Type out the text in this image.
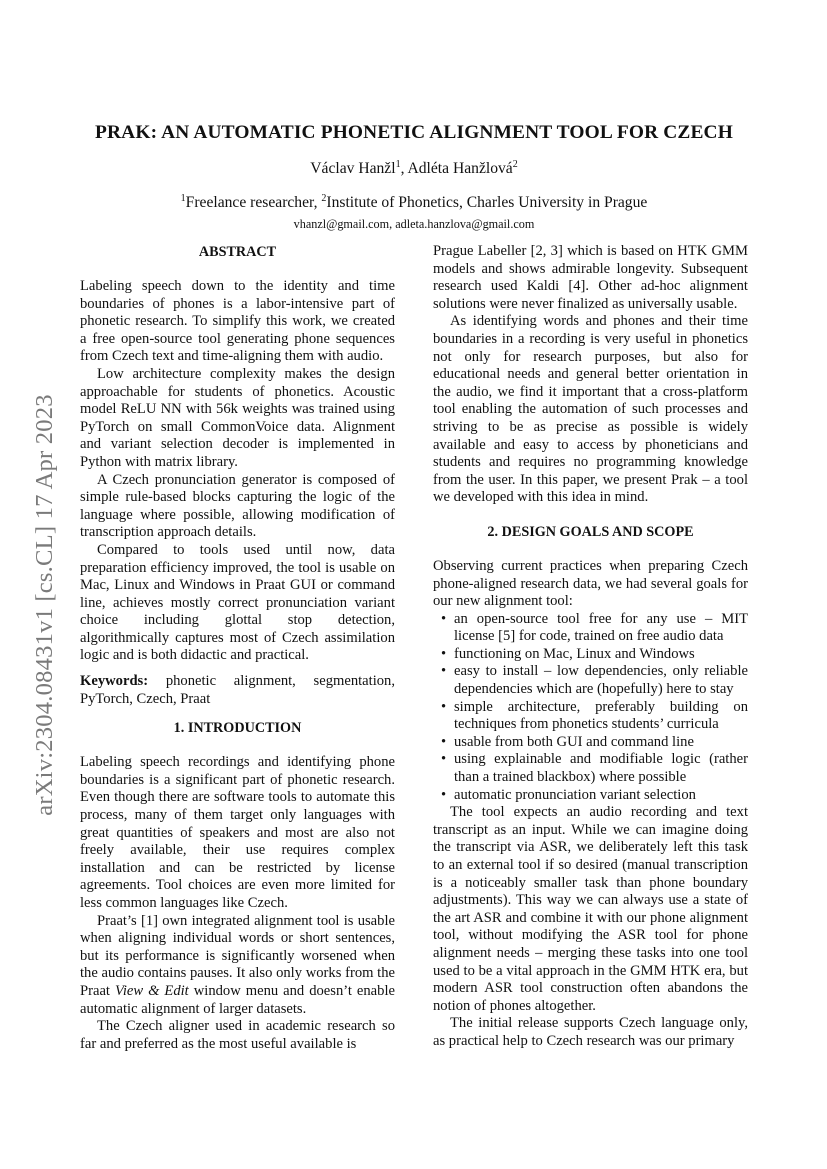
arXiv:2304.08431v1 [cs.CL] 17 Apr 2023
PRAK: AN AUTOMATIC PHONETIC ALIGNMENT TOOL FOR CZECH
Václav Hanžl$^1$, Adléta Hanžlová$^2$
$^1$Freelance researcher, $^2$Institute of Phonetics, Charles University in Prague
vhanzl@gmail.com, adleta.hanzlova@gmail.com
ABSTRACT

Labeling speech down to the identity and time boundaries of phones is a labor-intensive part of phonetic research. To simplify this work, we created a free open-source tool generating phone sequences from Czech text and time-aligning them with audio.

Low architecture complexity makes the design approachable for students of phonetics. Acoustic model ReLU NN with 56k weights was trained using PyTorch on small CommonVoice data. Alignment and variant selection decoder is implemented in Python with matrix library.

A Czech pronunciation generator is composed of simple rule-based blocks capturing the logic of the language where possible, allowing modification of transcription approach details.

Compared to tools used until now, data preparation efficiency improved, the tool is usable on Mac, Linux and Windows in Praat GUI or command line, achieves mostly correct pronunciation variant choice including glottal stop detection, algorithmically captures most of Czech assimilation logic and is both didactic and practical.

Keywords: phonetic alignment, segmentation, PyTorch, Czech, Praat

1. INTRODUCTION

Labeling speech recordings and identifying phone boundaries is a significant part of phonetic research. Even though there are software tools to automate this process, many of them target only languages with great quantities of speakers and most are also not freely available, their use requires complex installation and can be restricted by license agreements. Tool choices are even more limited for less common languages like Czech.

Praat’s [1] own integrated alignment tool is usable when aligning individual words or short sentences, but its performance is significantly worsened when the audio contains pauses. It also only works from the Praat View & Edit window menu and doesn’t enable automatic alignment of larger datasets.

The Czech aligner used in academic research so far and preferred as the most useful available is

Prague Labeller [2, 3] which is based on HTK GMM models and shows admirable longevity. Subsequent research used Kaldi [4]. Other ad-hoc alignment solutions were never finalized as universally usable.

As identifying words and phones and their time boundaries in a recording is very useful in phonetics not only for research purposes, but also for educational needs and general better orientation in the audio, we find it important that a cross-platform tool enabling the automation of such processes and striving to be as precise as possible is widely available and easy to access by phoneticians and students and requires no programming knowledge from the user. In this paper, we present Prak – a tool we developed with this idea in mind.

2. DESIGN GOALS AND SCOPE

Observing current practices when preparing Czech phone-aligned research data, we had several goals for our new alignment tool:

• an open-source tool free for any use – MIT license [5] for code, trained on free audio data
• functioning on Mac, Linux and Windows
• easy to install – low dependencies, only reliable dependencies which are (hopefully) here to stay
• simple architecture, preferably building on techniques from phonetics students’ curricula
• usable from both GUI and command line
• using explainable and modifiable logic (rather than a trained blackbox) where possible
• automatic pronunciation variant selection

The tool expects an audio recording and text transcript as an input. While we can imagine doing the transcript via ASR, we deliberately left this task to an external tool if so desired (manual transcription is a noticeably smaller task than phone boundary adjustments). This way we can always use a state of the art ASR and combine it with our phone alignment tool, without modifying the ASR tool for phone alignment needs – merging these tasks into one tool used to be a vital approach in the GMM HTK era, but modern ASR tool construction often abandons the notion of phones altogether.

The initial release supports Czech language only, as practical help to Czech research was our primary
